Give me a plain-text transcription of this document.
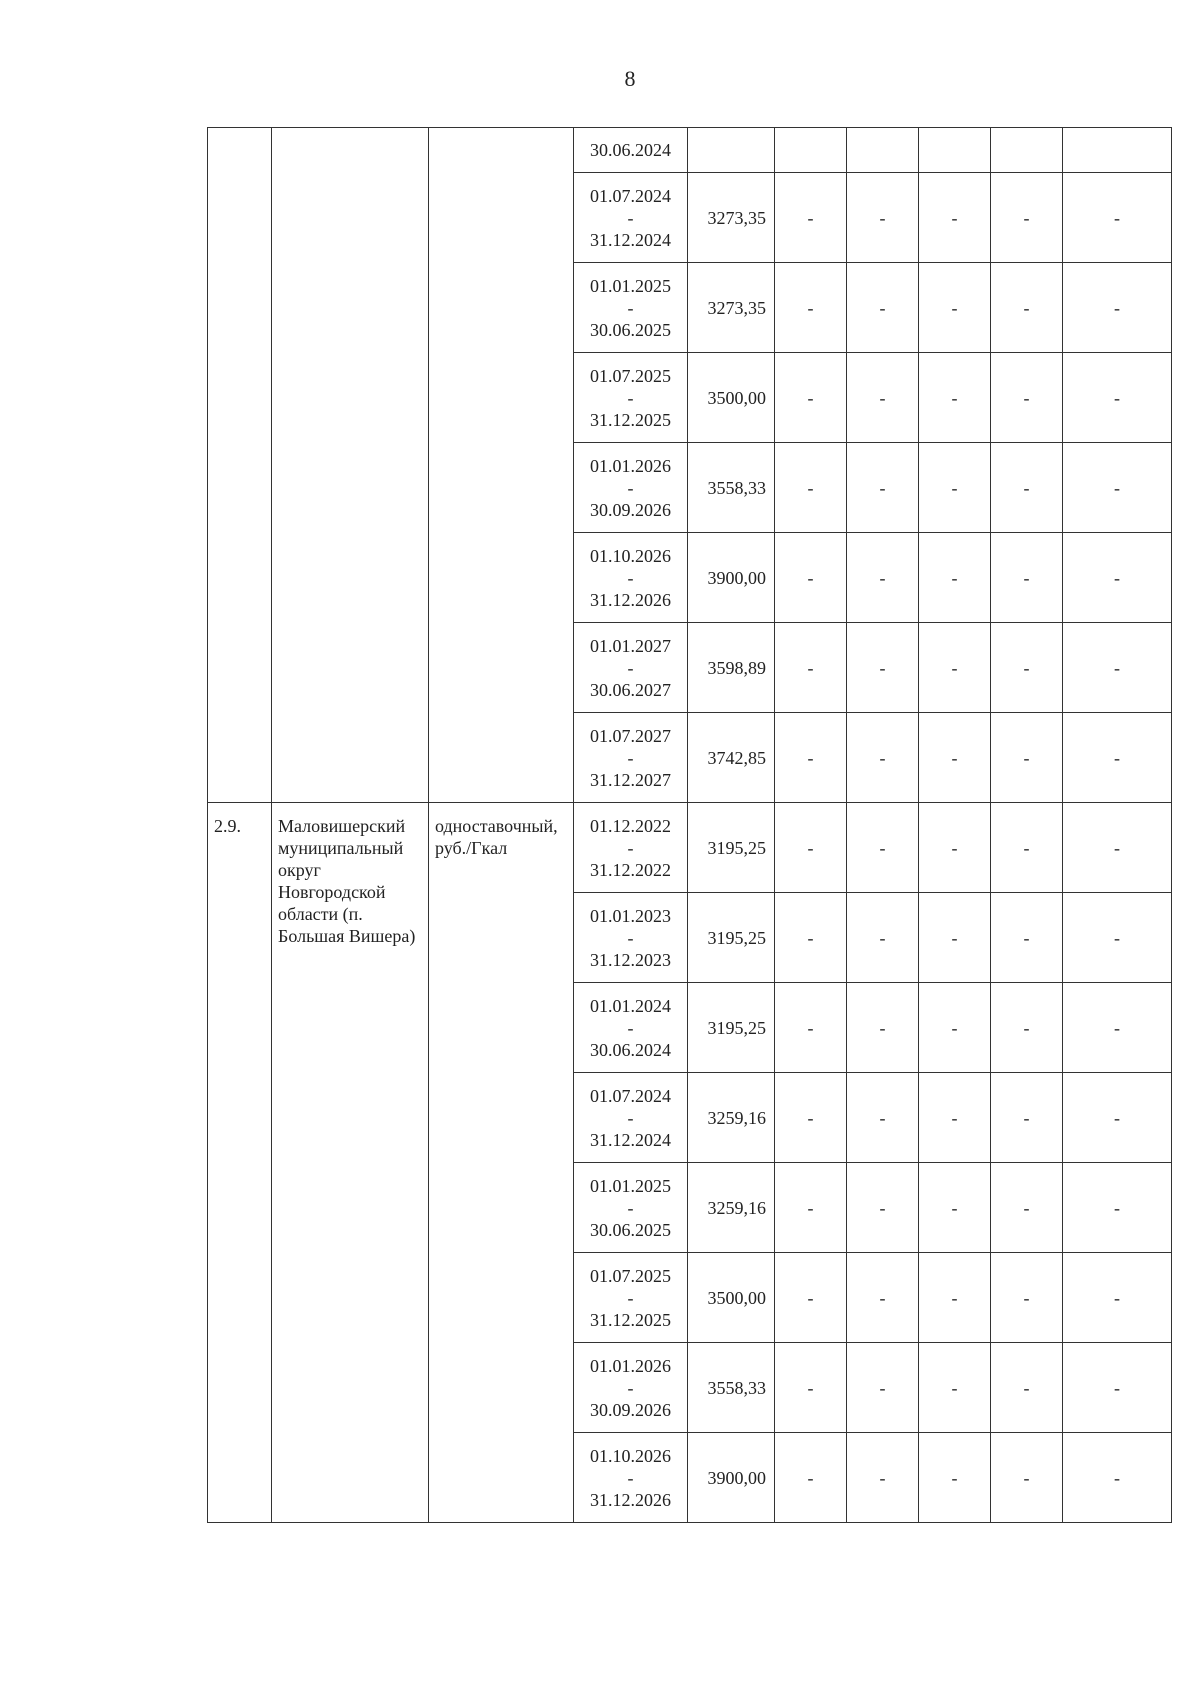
8

			30.06.2024						

			01.07.2024
-
31.12.2024	3273,35	-	-	-	-	-

			01.01.2025
-
30.06.2025	3273,35	-	-	-	-	-

			01.07.2025
-
31.12.2025	3500,00	-	-	-	-	-

			01.01.2026
-
30.09.2026	3558,33	-	-	-	-	-

			01.10.2026
-
31.12.2026	3900,00	-	-	-	-	-

			01.01.2027
-
30.06.2027	3598,89	-	-	-	-	-

			01.07.2027
-
31.12.2027	3742,85	-	-	-	-	-

2.9.	Маловишерский муниципальный округ Новгородской области (п. Большая Вишера)	одноставочный, руб./Гкал	01.12.2022
-
31.12.2022	3195,25	-	-	-	-	-

			01.01.2023
-
31.12.2023	3195,25	-	-	-	-	-

			01.01.2024
-
30.06.2024	3195,25	-	-	-	-	-

			01.07.2024
-
31.12.2024	3259,16	-	-	-	-	-

			01.01.2025
-
30.06.2025	3259,16	-	-	-	-	-

			01.07.2025
-
31.12.2025	3500,00	-	-	-	-	-

			01.01.2026
-
30.09.2026	3558,33	-	-	-	-	-

			01.10.2026
-
31.12.2026	3900,00	-	-	-	-	-
